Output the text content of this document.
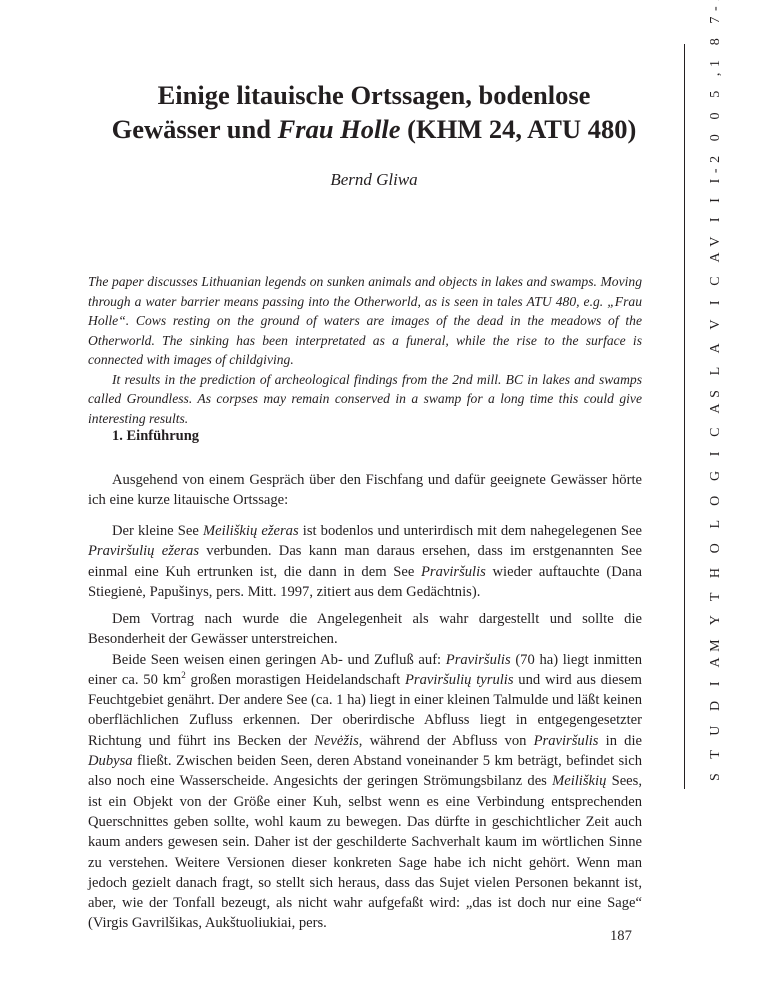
S T U D I A
M Y T H O L O G I C A
S L A V I C A
V I I I
-
2 0 0 5 ,
1 8 7
-
Einige litauische Ortssagen, bodenlose
Gewässer und Frau Holle (KHM 24, ATU 480)
Bernd Gliwa

The paper discusses Lithuanian legends on sunken animals and objects in lakes and swamps. Moving through a water barrier means passing into the Otherworld, as is seen in tales ATU 480, e.g. „Frau Holle“. Cows resting on the ground of waters are images of the dead in the meadows of the Otherworld. The sinking has been interpretated as a funeral, while the rise to the surface is connected with images of childgiving.

It results in the prediction of archeological findings from the 2nd mill. BC in lakes and swamps called Groundless. As corpses may remain conserved in a swamp for a long time this could give interesting results.

1. Einführung

Ausgehend von einem Gespräch über den Fischfang und dafür geeignete Gewässer hörte ich eine kurze litauische Ortssage:

Der kleine See Meiliškių ežeras ist bodenlos und unterirdisch mit dem nahegelegenen See Praviršulių ežeras verbunden. Das kann man daraus ersehen, dass im erstgenannten See einmal eine Kuh ertrunken ist, die dann in dem See Praviršulis wieder auftauchte (Dana Stiegienė, Papušinys, pers. Mitt. 1997, zitiert aus dem Gedächtnis).

Dem Vortrag nach wurde die Angelegenheit als wahr dargestellt und sollte die Besonderheit der Gewässer unterstreichen.

Beide Seen weisen einen geringen Ab- und Zufluß auf: Praviršulis (70 ha) liegt inmitten einer ca. 50 $km^2$ großen morastigen Heidelandschaft Praviršulių tyrulis und wird aus diesem Feuchtgebiet genährt. Der andere See (ca. 1 ha) liegt in einer kleinen Talmulde und läßt keinen oberflächlichen Zufluss erkennen. Der oberirdische Abfluss liegt in entgegengesetzter Richtung und führt ins Becken der Nevėžis, während der Abfluss von Praviršulis in die Dubysa fließt. Zwischen beiden Seen, deren Abstand voneinander 5 km beträgt, befindet sich also noch eine Wasserscheide. Angesichts der geringen Strömungsbilanz des Meiliškių Sees, ist ein Objekt von der Größe einer Kuh, selbst wenn es eine Verbindung entsprechenden Querschnittes geben sollte, wohl kaum zu bewegen. Das dürfte in geschichtlicher Zeit auch kaum anders gewesen sein. Daher ist der geschilderte Sachverhalt kaum im wörtlichen Sinne zu verstehen. Weitere Versionen dieser konkreten Sage habe ich nicht gehört. Wenn man jedoch gezielt danach fragt, so stellt sich heraus, dass das Sujet vielen Personen bekannt ist, aber, wie der Tonfall bezeugt, als nicht wahr aufgefaßt wird: „das ist doch nur eine Sage“ (Virgis Gavrilšikas, Aukštuoliukiai, pers.

187
